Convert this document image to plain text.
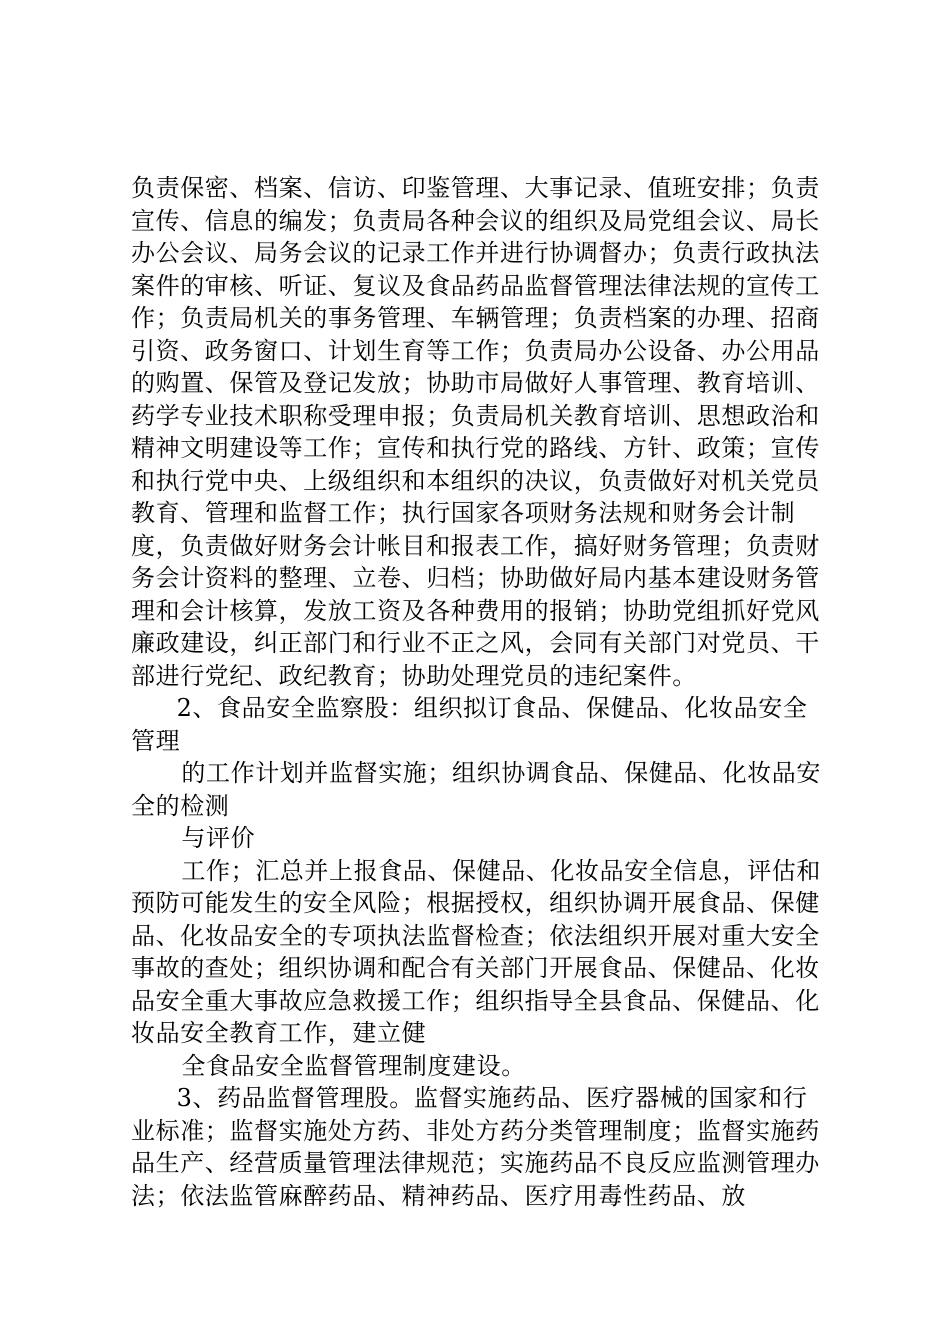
负责保密、档案、信访、印鉴管理、大事记录、值班安排；负责宣传、信息的编发；负责局各种会议的组织及局党组会议、局长办公会议、局务会议的记录工作并进行协调督办；负责行政执法案件的审核、听证、复议及食品药品监督管理法律法规的宣传工作；负责局机关的事务管理、车辆管理；负责档案的办理、招商引资、政务窗口、计划生育等工作；负责局办公设备、办公用品的购置、保管及登记发放；协助市局做好人事管理、教育培训、药学专业技术职称受理申报；负责局机关教育培训、思想政治和精神文明建设等工作；宣传和执行党的路线、方针、政策；宣传和执行党中央、上级组织和本组织的决议，负责做好对机关党员教育、管理和监督工作；执行国家各项财务法规和财务会计制度，负责做好财务会计帐目和报表工作，搞好财务管理；负责财务会计资料的整理、立卷、归档；协助做好局内基本建设财务管理和会计核算，发放工资及各种费用的报销；协助党组抓好党风廉政建设，纠正部门和行业不正之风，会同有关部门对党员、干部进行党纪、政纪教育；协助处理党员的违纪案件。

2、食品安全监察股：组织拟订食品、保健品、化妆品安全管理

的工作计划并监督实施；组织协调食品、保健品、化妆品安全的检测

与评价

工作；汇总并上报食品、保健品、化妆品安全信息，评估和预防可能发生的安全风险；根据授权，组织协调开展食品、保健品、化妆品安全的专项执法监督检查；依法组织开展对重大安全事故的查处；组织协调和配合有关部门开展食品、保健品、化妆品安全重大事故应急救援工作；组织指导全县食品、保健品、化妆品安全教育工作，建立健

全食品安全监督管理制度建设。

3、药品监督管理股。监督实施药品、医疗器械的国家和行业标准；监督实施处方药、非处方药分类管理制度；监督实施药品生产、经营质量管理法律规范；实施药品不良反应监测管理办法；依法监管麻醉药品、精神药品、医疗用毒性药品、放
